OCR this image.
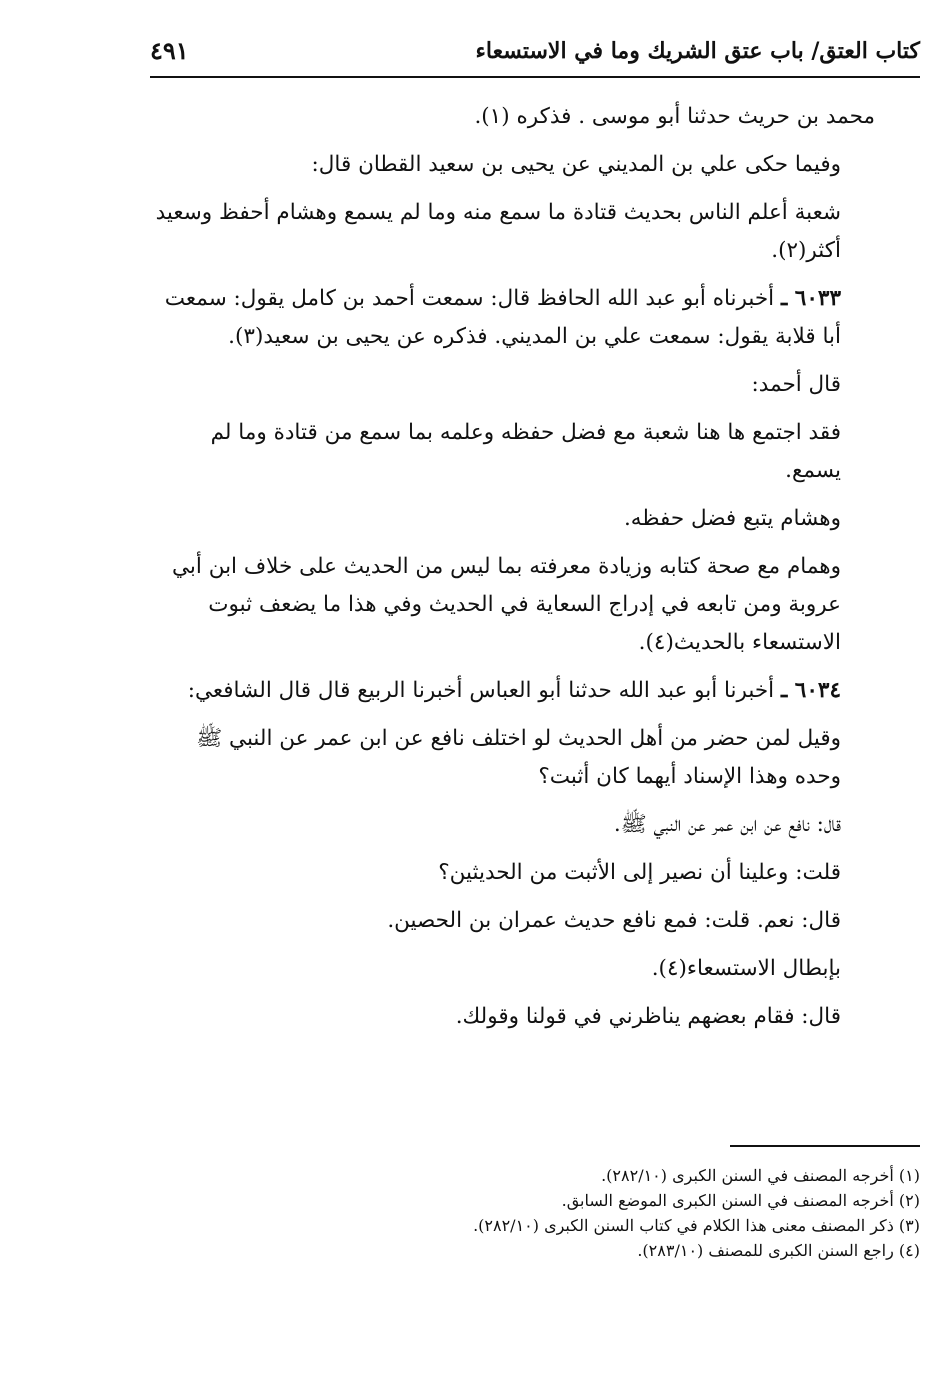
كتاب العتق/ باب عتق الشريك وما في الاستسعاء
٤٩١

محمد بن حريث حدثنا أبو موسى . فذكره (١).

وفيما حكى علي بن المديني عن يحيى بن سعيد القطان قال:

شعبة أعلم الناس بحديث قتادة ما سمع منه وما لم يسمع وهشام أحفظ وسعيد أكثر(٢).

٦٠٣٣ ـ أخبرناه أبو عبد الله الحافظ قال: سمعت أحمد بن كامل يقول: سمعت أبا قلابة يقول: سمعت علي بن المديني. فذكره عن يحيى بن سعيد(٣).

قال أحمد:

فقد اجتمع ها هنا شعبة مع فضل حفظه وعلمه بما سمع من قتادة وما لم يسمع.

وهشام يتبع فضل حفظه.

وهمام مع صحة كتابه وزيادة معرفته بما ليس من الحديث على خلاف ابن أبي عروبة ومن تابعه في إدراج السعاية في الحديث وفي هذا ما يضعف ثبوت الاستسعاء بالحديث(٤).

٦٠٣٤ ـ أخبرنا أبو عبد الله حدثنا أبو العباس أخبرنا الربيع قال قال الشافعي:

وقيل لمن حضر من أهل الحديث لو اختلف نافع عن ابن عمر عن النبي ﷺ وحده وهذا الإسناد أيهما كان أثبت؟

قال: نافع عن ابن عمر عن النبي ﷺ.

قلت: وعلينا أن نصير إلى الأثبت من الحديثين؟

قال: نعم. قلت: فمع نافع حديث عمران بن الحصين.

بإبطال الاستسعاء(٤).

قال: فقام بعضهم يناظرني في قولنا وقولك.

(١) أخرجه المصنف في السنن الكبرى (٢٨٢/١٠).
(٢) أخرجه المصنف في السنن الكبرى الموضع السابق.
(٣) ذكر المصنف معنى هذا الكلام في كتاب السنن الكبرى (٢٨٢/١٠).
(٤) راجع السنن الكبرى للمصنف (٢٨٣/١٠).
